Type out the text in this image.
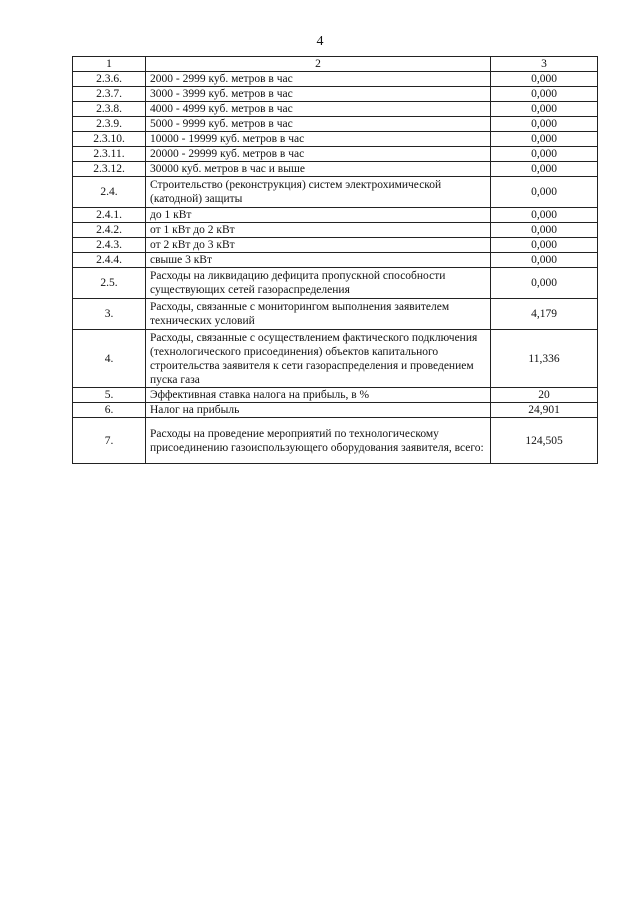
4
1	2	3
2.3.6.	2000 - 2999 куб. метров в час	0,000
2.3.7.	3000 - 3999 куб. метров в час	0,000
2.3.8.	4000 - 4999 куб. метров в час	0,000
2.3.9.	5000 - 9999 куб. метров в час	0,000
2.3.10.	10000 - 19999 куб. метров в час	0,000
2.3.11.	20000 - 29999 куб. метров в час	0,000
2.3.12.	30000 куб. метров в час и выше	0,000
2.4.	Строительство (реконструкция) систем электрохимической (катодной) защиты	0,000
2.4.1.	до 1 кВт	0,000
2.4.2.	от 1 кВт до 2 кВт	0,000
2.4.3.	от 2 кВт до 3 кВт	0,000
2.4.4.	свыше 3 кВт	0,000
2.5.	Расходы на ликвидацию дефицита пропускной способности существующих сетей газораспределения	0,000
3.	Расходы, связанные с мониторингом выполнения заявителем технических условий	4,179
4.	Расходы, связанные с осуществлением фактического подключения (технологического присоединения) объектов капитального строительства заявителя к сети газораспределения и проведением пуска газа	11,336
5.	Эффективная ставка налога на прибыль, в %	20
6.	Налог на прибыль	24,901
7.	Расходы на проведение мероприятий по технологическому присоединению газоиспользующего оборудования заявителя, всего:	124,505
